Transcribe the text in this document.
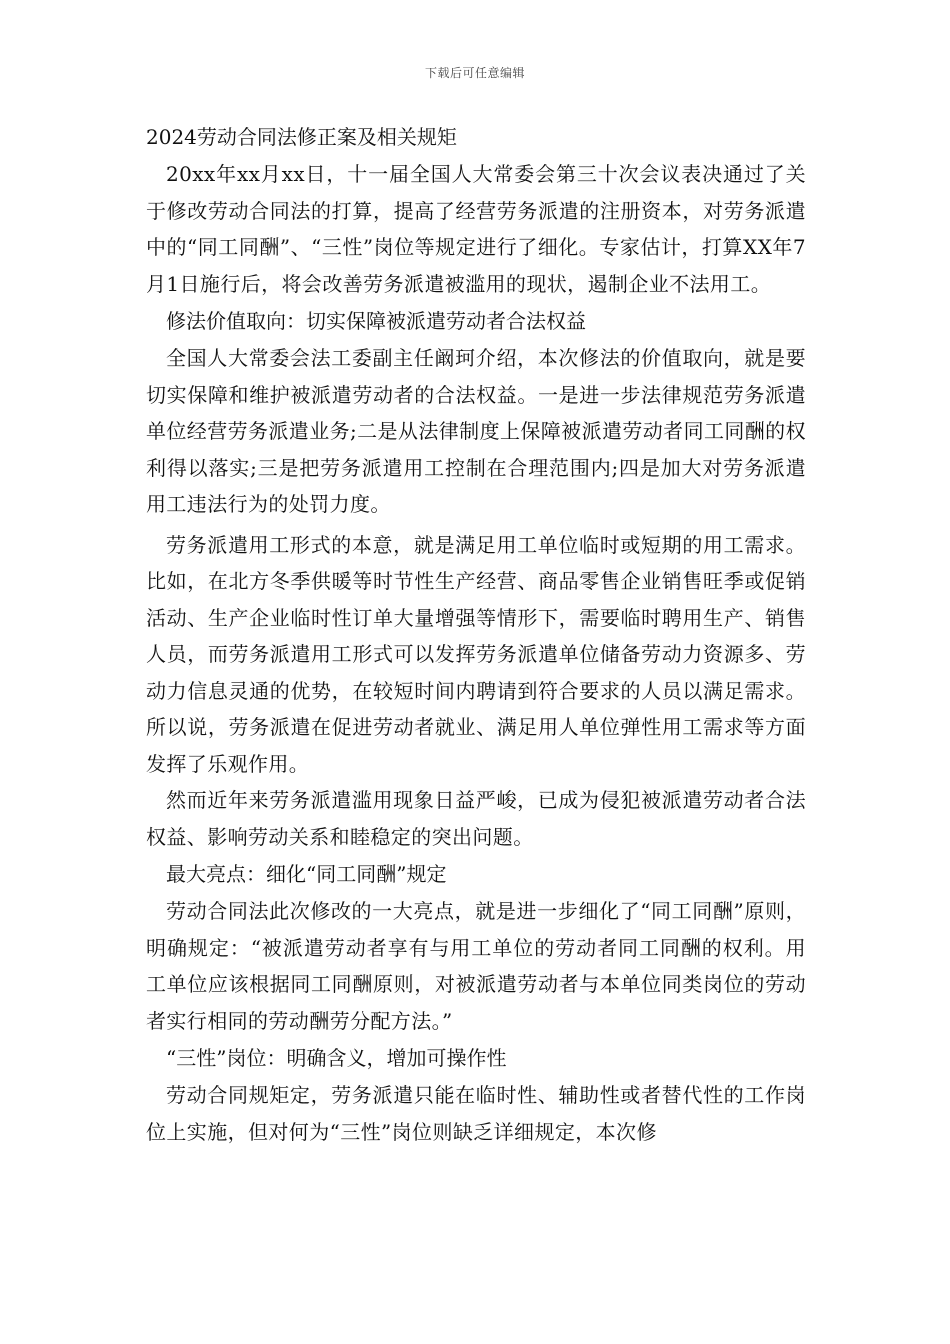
下载后可任意编辑
2024劳动合同法修正案及相关规矩

20xx年xx月xx日，十一届全国人大常委会第三十次会议表决通过了关于修改劳动合同法的打算，提高了经营劳务派遣的注册资本，对劳务派遣中的“同工同酬”、“三性”岗位等规定进行了细化。专家估计，打算XX年7月1日施行后，将会改善劳务派遣被滥用的现状，遏制企业不法用工。

修法价值取向：切实保障被派遣劳动者合法权益

全国人大常委会法工委副主任阚珂介绍，本次修法的价值取向，就是要切实保障和维护被派遣劳动者的合法权益。一是进一步法律规范劳务派遣单位经营劳务派遣业务;二是从法律制度上保障被派遣劳动者同工同酬的权利得以落实;三是把劳务派遣用工控制在合理范围内;四是加大对劳务派遣用工违法行为的处罚力度。

劳务派遣用工形式的本意，就是满足用工单位临时或短期的用工需求。比如，在北方冬季供暖等时节性生产经营、商品零售企业销售旺季或促销活动、生产企业临时性订单大量增强等情形下，需要临时聘用生产、销售人员，而劳务派遣用工形式可以发挥劳务派遣单位储备劳动力资源多、劳动力信息灵通的优势，在较短时间内聘请到符合要求的人员以满足需求。所以说，劳务派遣在促进劳动者就业、满足用人单位弹性用工需求等方面发挥了乐观作用。

然而近年来劳务派遣滥用现象日益严峻，已成为侵犯被派遣劳动者合法权益、影响劳动关系和睦稳定的突出问题。

最大亮点：细化“同工同酬”规定

劳动合同法此次修改的一大亮点，就是进一步细化了“同工同酬”原则，明确规定：“被派遣劳动者享有与用工单位的劳动者同工同酬的权利。用工单位应该根据同工同酬原则，对被派遣劳动者与本单位同类岗位的劳动者实行相同的劳动酬劳分配方法。”

“三性”岗位：明确含义，增加可操作性

劳动合同规矩定，劳务派遣只能在临时性、辅助性或者替代性的工作岗位上实施，但对何为“三性”岗位则缺乏详细规定，本次修
